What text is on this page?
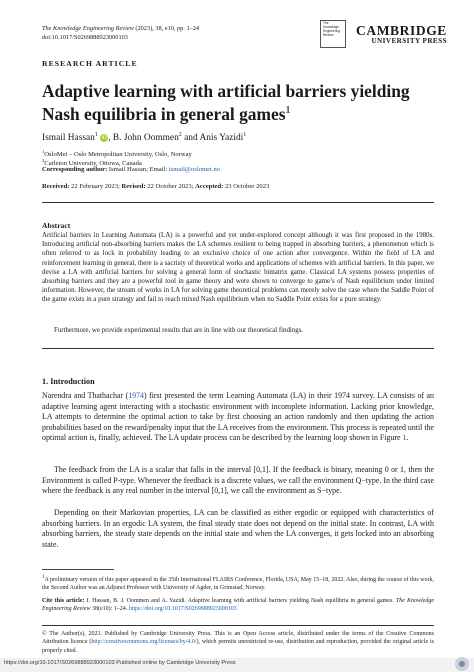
The Knowledge Engineering Review (2023), 38, e10, pp. 1–24
doi:10.1017/S0269888923000103
The Knowledge Engineering Review	CAMBRIDGE
UNIVERSITY PRESS
RESEARCH ARTICLE
Adaptive learning with artificial barriers yielding Nash equilibria in general games$^1$
Ismail Hassan$^1$ iD , B. John Oommen$^2$ and Anis Yazidi$^1$
$^1$OsloMet – Oslo Metropolitan University, Oslo, Norway
$^2$Carleton University, Ottowa, Canada
Corresponding author: Ismail Hassan; Email: ismail@oslomet.no
Received: 22 February 2023; Revised: 22 October 2023; Accepted: 23 October 2023
Abstract
Artificial barriers in Learning Automata (LA) is a powerful and yet under-explored concept although it was first proposed in the 1980s. Introducing artificial non-absorbing barriers makes the LA schemes resilient to being trapped in absorbing barriers, a phenomenon which is often referred to as lock in probability leading to an exclusive choice of one action after convergence. Within the field of LA and reinforcement learning in general, there is a sacristy of theoretical works and applications of schemes with artificial barriers. In this paper, we devise a LA with artificial barriers for solving a general form of stochastic bimatrix game. Classical LA systems possess properties of absorbing barriers and they are a powerful tool in game theory and were shown to converge to game’s of Nash equilibrium under limited information. However, the stream of works in LA for solving game theoretical problems can merely solve the case where the Saddle Point of the game exists in a pure strategy and fail to reach mixed Nash equilibrium when no Saddle Point exists for a pure strategy.
Furthermore, we provide experimental results that are in line with our theoretical findings.
1. Introduction
Narendra and Thathachar (1974) first presented the term Learning Automata (LA) in their 1974 survey. LA consists of an adaptive learning agent interacting with a stochastic environment with incomplete information. Lacking prior knowledge, LA attempts to determine the optimal action to take by first choosing an action randomly and then updating the action probabilities based on the reward/penalty input that the LA receives from the environment. This process is repeated until the optimal action is, finally, achieved. The LA update process can be described by the learning loop shown in Figure 1.
The feedback from the LA is a scalar that falls in the interval [0,1]. If the feedback is binary, meaning 0 or 1, then the Environment is called P-type. Whenever the feedback is a discrete values, we call the environment Q−type. In the third case where the feedback is any real number in the interval [0,1], we call the environment as S−type.
Depending on their Markovian properties, LA can be classified as either ergodic or equipped with characteristics of absorbing barriers. In an ergodic LA system, the final steady state does not depend on the initial state. In contrast, LA with absorbing barriers, the steady state depends on the initial state and when the LA converges, it gets locked into an absorbing state.
$^1$A preliminary version of this paper appeared in the 35th International FLAIRS Conference, Florida, USA, May 15–18, 2022. Also, during the course of this work, the Second Author was an Adjunct Professor with University of Agder, in Grimstad, Norway.
Cite this article: I. Hassan, B. J. Oommen and A. Yazidi. Adaptive learning with artificial barriers yielding Nash equilibria in general games. The Knowledge Engineering Review 38(e10): 1–24. https://doi.org/10.1017/S0269888923000103
© The Author(s), 2023. Published by Cambridge University Press. This is an Open Access article, distributed under the terms of the Creative Commons Attribution licence (http://creativecommons.org/licenses/by/4.0/), which permits unrestricted re-use, distribution and reproduction, provided the original article is properly cited.
https://doi.org/10.1017/S0269888923000103 Published online by Cambridge University Press
